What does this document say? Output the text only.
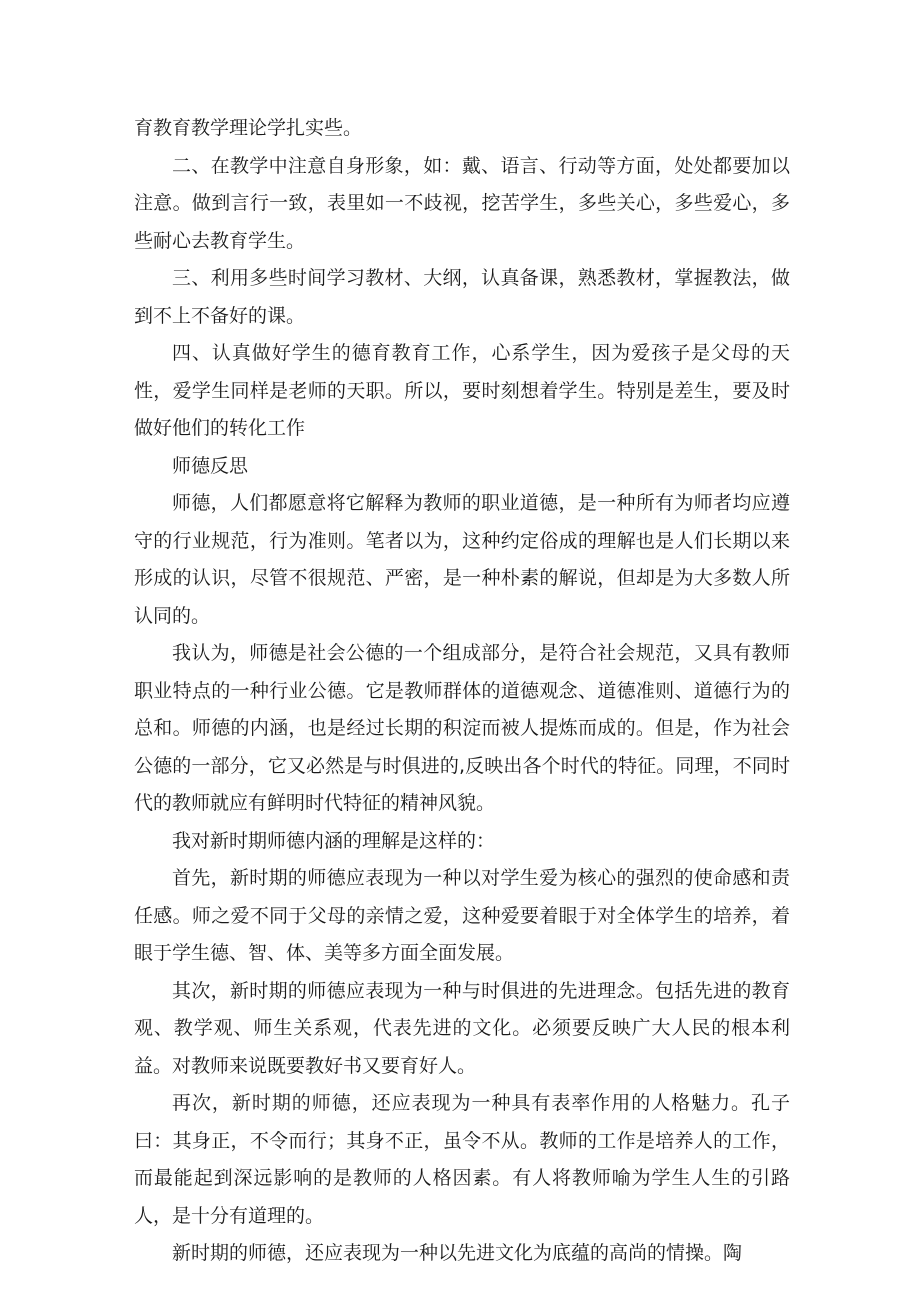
育教育教学理论学扎实些。

二、在教学中注意自身形象，如：戴、语言、行动等方面，处处都要加以注意。做到言行一致，表里如一不歧视，挖苦学生，多些关心，多些爱心，多些耐心去教育学生。

三、利用多些时间学习教材、大纲，认真备课，熟悉教材，掌握教法，做到不上不备好的课。

四、认真做好学生的德育教育工作，心系学生，因为爱孩子是父母的天性，爱学生同样是老师的天职。所以，要时刻想着学生。特别是差生，要及时做好他们的转化工作

师德反思

师德，人们都愿意将它解释为教师的职业道德，是一种所有为师者均应遵守的行业规范，行为准则。笔者以为，这种约定俗成的理解也是人们长期以来形成的认识，尽管不很规范、严密，是一种朴素的解说，但却是为大多数人所认同的。

我认为，师德是社会公德的一个组成部分，是符合社会规范，又具有教师职业特点的一种行业公德。它是教师群体的道德观念、道德准则、道德行为的总和。师德的内涵，也是经过长期的积淀而被人提炼而成的。但是，作为社会公德的一部分，它又必然是与时俱进的,反映出各个时代的特征。同理，不同时代的教师就应有鲜明时代特征的精神风貌。

我对新时期师德内涵的理解是这样的：

首先，新时期的师德应表现为一种以对学生爱为核心的强烈的使命感和责任感。师之爱不同于父母的亲情之爱，这种爱要着眼于对全体学生的培养，着眼于学生德、智、体、美等多方面全面发展。

其次，新时期的师德应表现为一种与时俱进的先进理念。包括先进的教育观、教学观、师生关系观，代表先进的文化。必须要反映广大人民的根本利益。对教师来说既要教好书又要育好人。

再次，新时期的师德，还应表现为一种具有表率作用的人格魅力。孔子曰：其身正，不令而行；其身不正，虽令不从。教师的工作是培养人的工作，而最能起到深远影响的是教师的人格因素。有人将教师喻为学生人生的引路人，是十分有道理的。

新时期的师德，还应表现为一种以先进文化为底蕴的高尚的情操。陶
